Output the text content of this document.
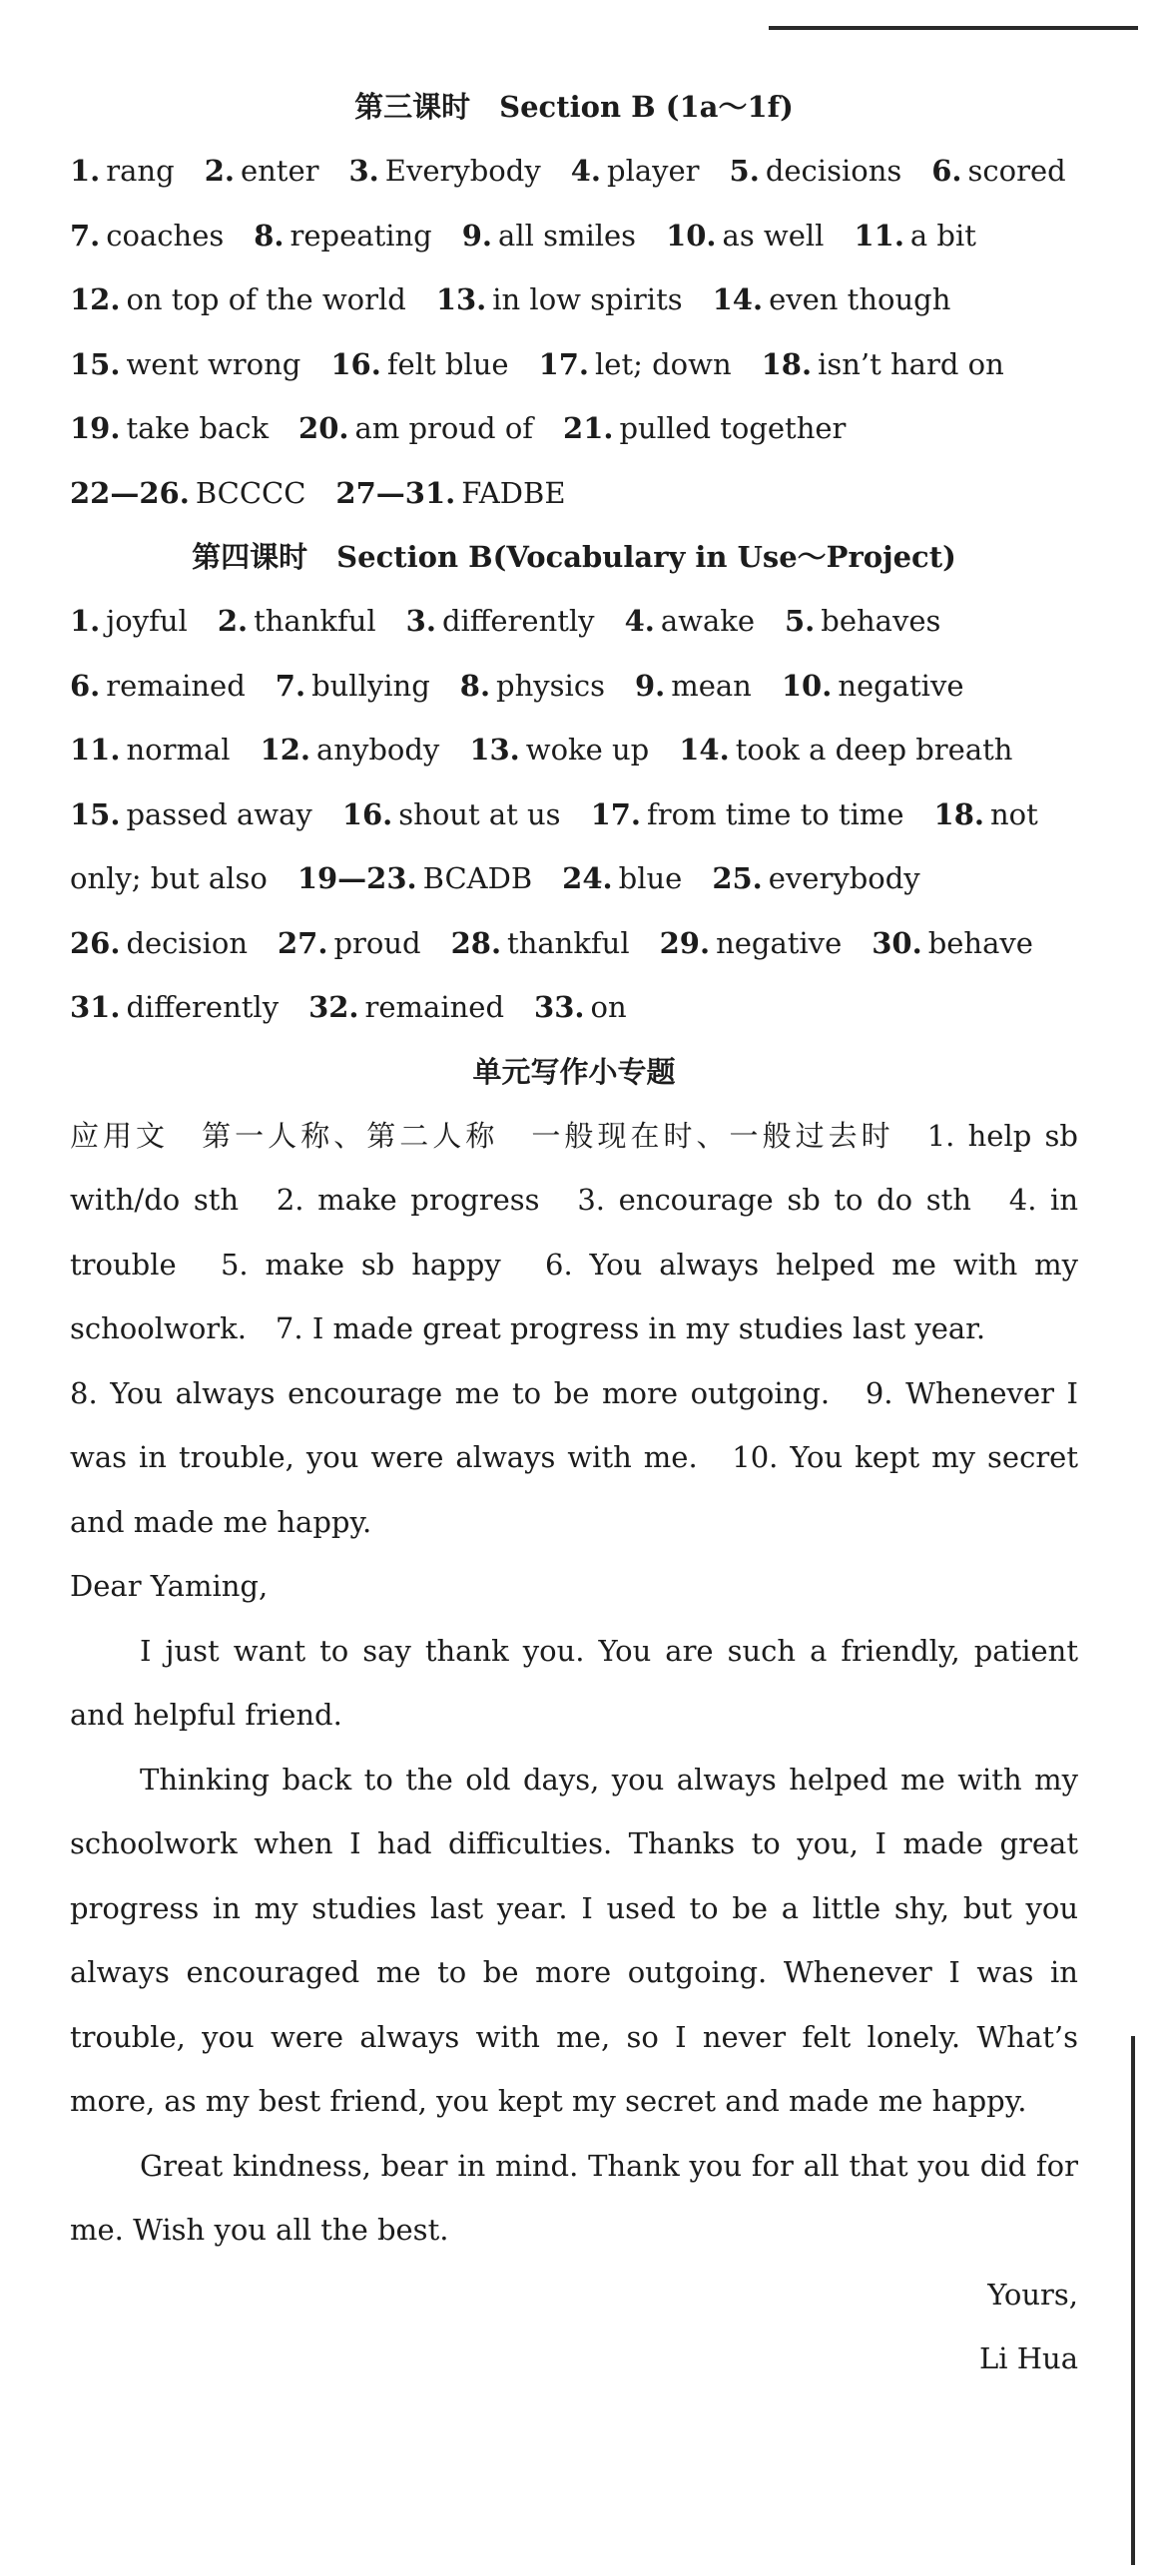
第三课时　Section B (1a～1f)
1. rang 2. enter 3. Everybody 4. player 5. decisions 6. scored
7. coaches 8. repeating 9. all smiles 10. as well 11. a bit
12. on top of the world 13. in low spirits 14. even though
15. went wrong 16. felt blue 17. let; down 18. isn’t hard on
19. take back 20. am proud of 21. pulled together
22—26. BCCCC 27—31. FADBE
第四课时　Section B(Vocabulary in Use～Project)
1. joyful 2. thankful 3. differently 4. awake 5. behaves
6. remained 7. bullying 8. physics 9. mean 10. negative
11. normal 12. anybody 13. woke up 14. took a deep breath
15. passed away 16. shout at us 17. from time to time 18. not
only; but also 19—23. BCADB 24. blue 25. everybody
26. decision 27. proud 28. thankful 29. negative 30. behave
31. differently 32. remained 33. on
单元写作小专题

应用文　第一人称、第二人称　一般现在时、一般过去时　1. help sb with/do sth　2. make progress　3. encourage sb to do sth　4. in trouble　5. make sb happy　6. You always helped me with my schoolwork.　7. I made great progress in my studies last year.

8. You always encourage me to be more outgoing.　9. Whenever I was in trouble, you were always with me.　10. You kept my secret and made me happy.

Dear Yaming,

I just want to say thank you. You are such a friendly, patient and helpful friend.

Thinking back to the old days, you always helped me with my schoolwork when I had difficulties. Thanks to you, I made great progress in my studies last year. I used to be a little shy, but you always encouraged me to be more outgoing. Whenever I was in trouble, you were always with me, so I never felt lonely. What’s more, as my best friend, you kept my secret and made me happy.

Great kindness, bear in mind. Thank you for all that you did for me. Wish you all the best.

Yours,
Li Hua
